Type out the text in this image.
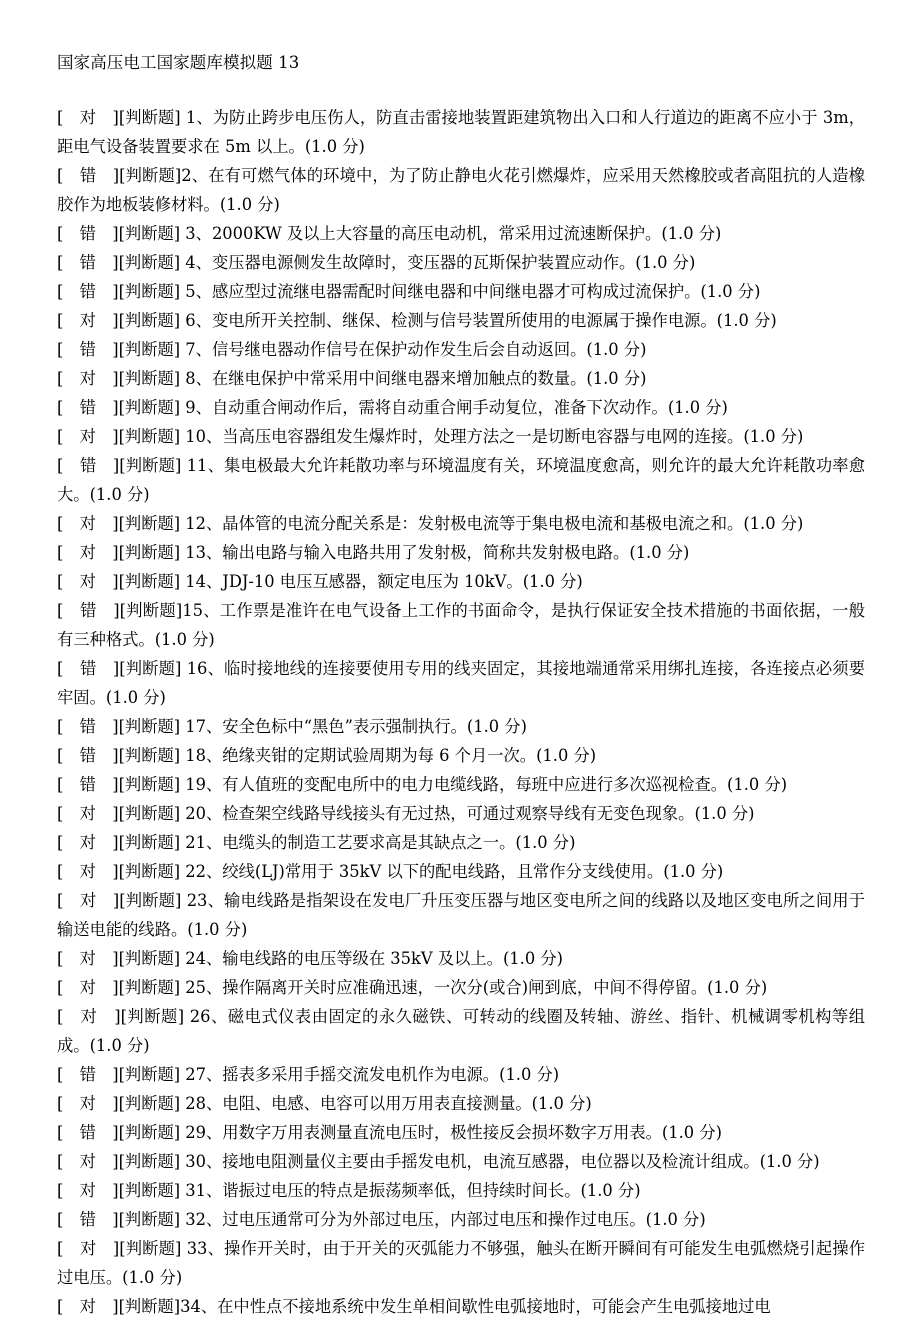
国家高压电工国家题库模拟题 13
[　对　][判断题] 1、为防止跨步电压伤人，防直击雷接地装置距建筑物出入口和人行道边的距离不应小于 3m，距电气设备装置要求在 5m 以上。(1.0 分)
[　错　][判断题]2、在有可燃气体的环境中，为了防止静电火花引燃爆炸，应采用天然橡胶或者高阻抗的人造橡胶作为地板装修材料。(1.0 分)
[　错　][判断题] 3、2000KW 及以上大容量的高压电动机，常采用过流速断保护。(1.0 分)
[　错　][判断题] 4、变压器电源侧发生故障时，变压器的瓦斯保护装置应动作。(1.0 分)
[　错　][判断题] 5、感应型过流继电器需配时间继电器和中间继电器才可构成过流保护。(1.0 分)
[　对　][判断题] 6、变电所开关控制、继保、检测与信号装置所使用的电源属于操作电源。(1.0 分)
[　错　][判断题] 7、信号继电器动作信号在保护动作发生后会自动返回。(1.0 分)
[　对　][判断题] 8、在继电保护中常采用中间继电器来增加触点的数量。(1.0 分)
[　错　][判断题] 9、自动重合闸动作后，需将自动重合闸手动复位，准备下次动作。(1.0 分)
[　对　][判断题] 10、当高压电容器组发生爆炸时，处理方法之一是切断电容器与电网的连接。(1.0 分)
[　错　][判断题] 11、集电极最大允许耗散功率与环境温度有关，环境温度愈高，则允许的最大允许耗散功率愈大。(1.0 分)
[　对　][判断题] 12、晶体管的电流分配关系是：发射极电流等于集电极电流和基极电流之和。(1.0 分)
[　对　][判断题] 13、输出电路与输入电路共用了发射极，简称共发射极电路。(1.0 分)
[　对　][判断题] 14、JDJ-10 电压互感器，额定电压为 10kV。(1.0 分)
[　错　][判断题]15、工作票是准许在电气设备上工作的书面命令，是执行保证安全技术措施的书面依据，一般有三种格式。(1.0 分)
[　错　][判断题] 16、临时接地线的连接要使用专用的线夹固定，其接地端通常采用绑扎连接，各连接点必须要牢固。(1.0 分)
[　错　][判断题] 17、安全色标中“黑色”表示强制执行。(1.0 分)
[　错　][判断题] 18、绝缘夹钳的定期试验周期为每 6 个月一次。(1.0 分)
[　错　][判断题] 19、有人值班的变配电所中的电力电缆线路，每班中应进行多次巡视检查。(1.0 分)
[　对　][判断题] 20、检查架空线路导线接头有无过热，可通过观察导线有无变色现象。(1.0 分)
[　对　][判断题] 21、电缆头的制造工艺要求高是其缺点之一。(1.0 分)
[　对　][判断题] 22、绞线(LJ)常用于 35kV 以下的配电线路，且常作分支线使用。(1.0 分)
[　对　][判断题] 23、输电线路是指架设在发电厂升压变压器与地区变电所之间的线路以及地区变电所之间用于输送电能的线路。(1.0 分)
[　对　][判断题] 24、输电线路的电压等级在 35kV 及以上。(1.0 分)
[　对　][判断题] 25、操作隔离开关时应准确迅速，一次分(或合)闸到底，中间不得停留。(1.0 分)
[　对　][判断题] 26、磁电式仪表由固定的永久磁铁、可转动的线圈及转轴、游丝、指针、机械调零机构等组成。(1.0 分)
[　错　][判断题] 27、摇表多采用手摇交流发电机作为电源。(1.0 分)
[　对　][判断题] 28、电阻、电感、电容可以用万用表直接测量。(1.0 分)
[　错　][判断题] 29、用数字万用表测量直流电压时，极性接反会损坏数字万用表。(1.0 分)
[　对　][判断题] 30、接地电阻测量仪主要由手摇发电机，电流互感器，电位器以及检流计组成。(1.0 分)
[　对　][判断题] 31、谐振过电压的特点是振荡频率低，但持续时间长。(1.0 分)
[　错　][判断题] 32、过电压通常可分为外部过电压，内部过电压和操作过电压。(1.0 分)
[　对　][判断题] 33、操作开关时，由于开关的灭弧能力不够强，触头在断开瞬间有可能发生电弧燃烧引起操作过电压。(1.0 分)
[　对　][判断题]34、在中性点不接地系统中发生单相间歇性电弧接地时，可能会产生电弧接地过电
